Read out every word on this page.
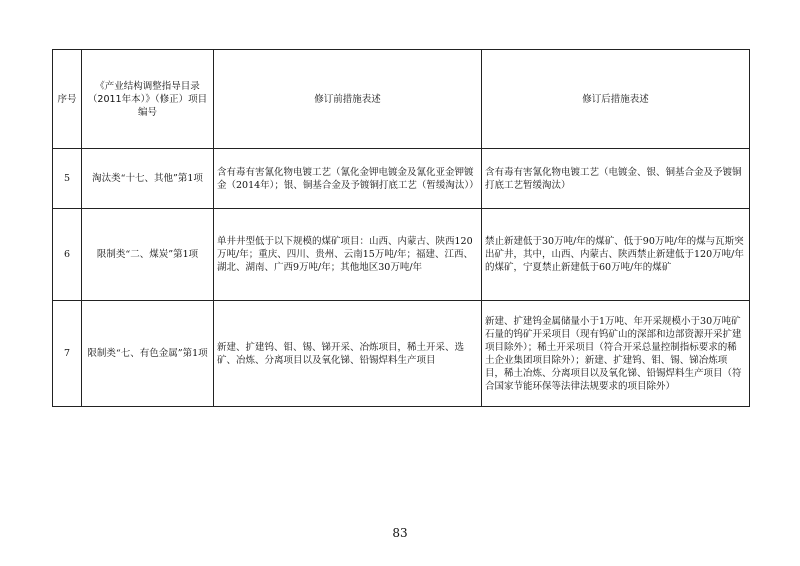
序号	《产业结构调整指导目录（2011年本）》（修正）项目编号	修订前措施表述	修订后措施表述
5	淘汰类“十七、其他”第1项	含有毒有害氰化物电镀工艺（氰化金钾电镀金及氰化亚金钾镀金（2014年）；银、铜基合金及予镀铜打底工艺（暂缓淘汰））	含有毒有害氰化物电镀工艺（电镀金、银、铜基合金及予镀铜打底工艺暂缓淘汰）
6	限制类“二、煤炭”第1项	单井井型低于以下规模的煤矿项目：山西、内蒙古、陕西120万吨/年；重庆、四川、贵州、云南15万吨/年；福建、江西、湖北、湖南、广西9万吨/年；其他地区30万吨/年	禁止新建低于30万吨/年的煤矿、低于90万吨/年的煤与瓦斯突出矿井，其中，山西、内蒙古、陕西禁止新建低于120万吨/年的煤矿，宁夏禁止新建低于60万吨/年的煤矿
7	限制类“七、有色金属”第1项	新建、扩建钨、钼、锡、锑开采、冶炼项目，稀土开采、选矿、冶炼、分离项目以及氧化锑、铅锡焊料生产项目	新建、扩建钨金属储量小于1万吨、年开采规模小于30万吨矿石量的钨矿开采项目（现有钨矿山的深部和边部资源开采扩建项目除外）；稀土开采项目（符合开采总量控制指标要求的稀土企业集团项目除外）；新建、扩建钨、钼、锡、锑冶炼项目，稀土冶炼、分离项目以及氧化锑、铅锡焊料生产项目（符合国家节能环保等法律法规要求的项目除外）
83
